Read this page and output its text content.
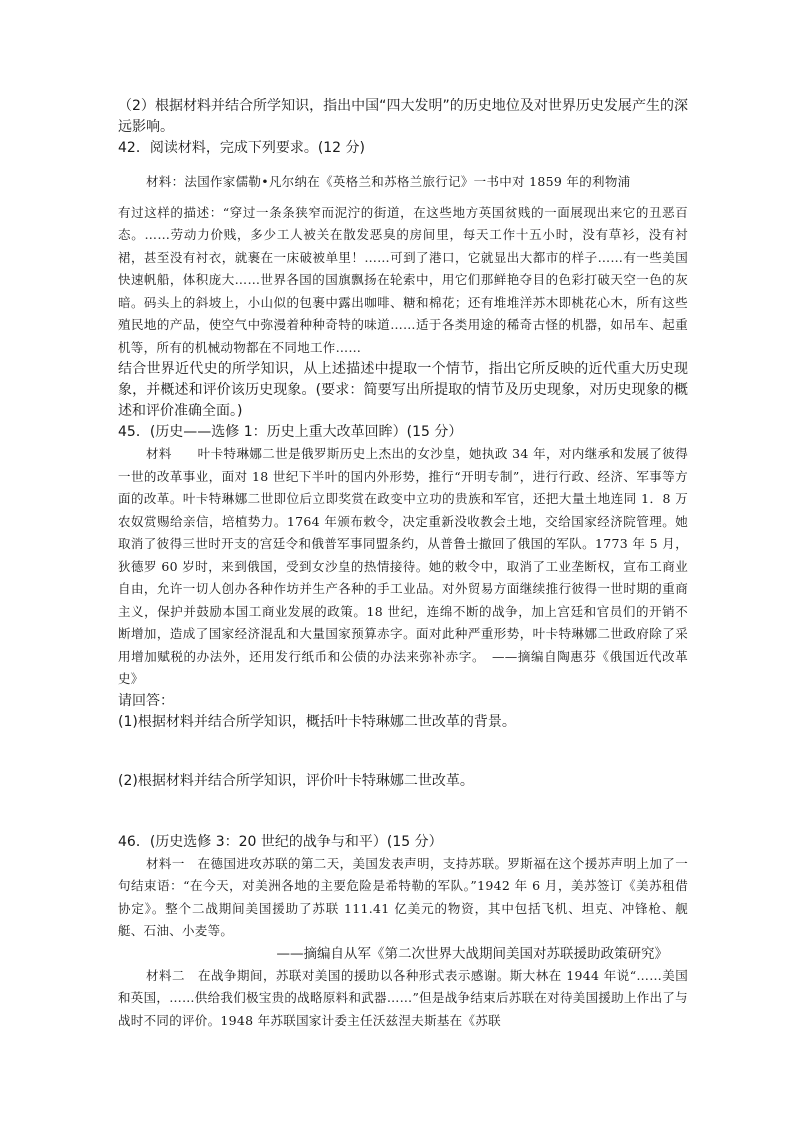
（2）根据材料并结合所学知识，指出中国“四大发明”的历史地位及对世界历史发展产生的深远影响。

42．阅读材料，完成下列要求。(12 分)

材料：法国作家儒勒•凡尔纳在《英格兰和苏格兰旅行记》一书中对 1859 年的利物浦

有过这样的描述：“穿过一条条狭窄而泥泞的街道，在这些地方英国贫贱的一面展现出来它的丑恶百态。……劳动力价贱，多少工人被关在散发恶臭的房间里，每天工作十五小时，没有草衫，没有衬裙，甚至没有衬衣，就裹在一床破被单里！……可到了港口，它就显出大都市的样子……有一些美国快速帆船，体积庞大……世界各国的国旗飘扬在轮索中，用它们那鲜艳夺目的色彩打破天空一色的灰暗。码头上的斜坡上，小山似的包裹中露出咖啡、糖和棉花；还有堆堆洋苏木即桃花心木，所有这些殖民地的产品，使空气中弥漫着种种奇特的味道……适于各类用途的稀奇古怪的机器，如吊车、起重机等，所有的机械动物都在不同地工作……

结合世界近代史的所学知识，从上述描述中提取一个情节，指出它所反映的近代重大历史现象，并概述和评价该历史现象。(要求：简要写出所提取的情节及历史现象，对历史现象的概述和评价准确全面。)

45．(历史——选修 1：历史上重大改革回眸）(15 分）

材料　　叶卡特琳娜二世是俄罗斯历史上杰出的女沙皇，她执政 34 年，对内继承和发展了彼得一世的改革事业，面对 18 世纪下半叶的国内外形势，推行“开明专制”，进行行政、经济、军事等方面的改革。叶卡特琳娜二世即位后立即奖赏在政变中立功的贵族和军官，还把大量土地连同 1．8 万农奴赏赐给亲信，培植势力。1764 年颁布敕令，决定重新没收教会土地，交给国家经济院管理。她取消了彼得三世时开支的宫廷令和俄普军事同盟条约，从普鲁士撤回了俄国的军队。1773 年 5 月，狄德罗 60 岁时，来到俄国，受到女沙皇的热情接待。她的敕令中，取消了工业垄断权，宣布工商业自由，允许一切人创办各种作坊并生产各种的手工业品。对外贸易方面继续推行彼得一世时期的重商主义，保护并鼓励本国工商业发展的政策。18 世纪，连绵不断的战争，加上宫廷和官员们的开销不断增加，造成了国家经济混乱和大量国家预算赤字。面对此种严重形势，叶卡特琳娜二世政府除了采用增加赋税的办法外，还用发行纸币和公债的办法来弥补赤字。　——摘编自陶惠芬《俄国近代改革史》

请回答：

(1)根据材料并结合所学知识，概括叶卡特琳娜二世改革的背景。

(2)根据材料并结合所学知识，评价叶卡特琳娜二世改革。

46．(历史选修 3：20 世纪的战争与和平）(15 分）

材料一　在德国进攻苏联的第二天，美国发表声明，支持苏联。罗斯福在这个援苏声明上加了一句结束语：“在今天，对美洲各地的主要危险是希特勒的军队。”1942 年 6 月，美苏签订《美苏租借协定》。整个二战期间美国援助了苏联 111.41 亿美元的物资，其中包括飞机、坦克、冲锋枪、舰艇、石油、小麦等。

——摘编自从军《第二次世界大战期间美国对苏联援助政策研究》

材料二　在战争期间，苏联对美国的援助以各种形式表示感谢。斯大林在 1944 年说“……美国和英国，……供给我们极宝贵的战略原料和武器……”但是战争结束后苏联在对待美国援助上作出了与战时不同的评价。1948 年苏联国家计委主任沃兹涅夫斯基在《苏联
